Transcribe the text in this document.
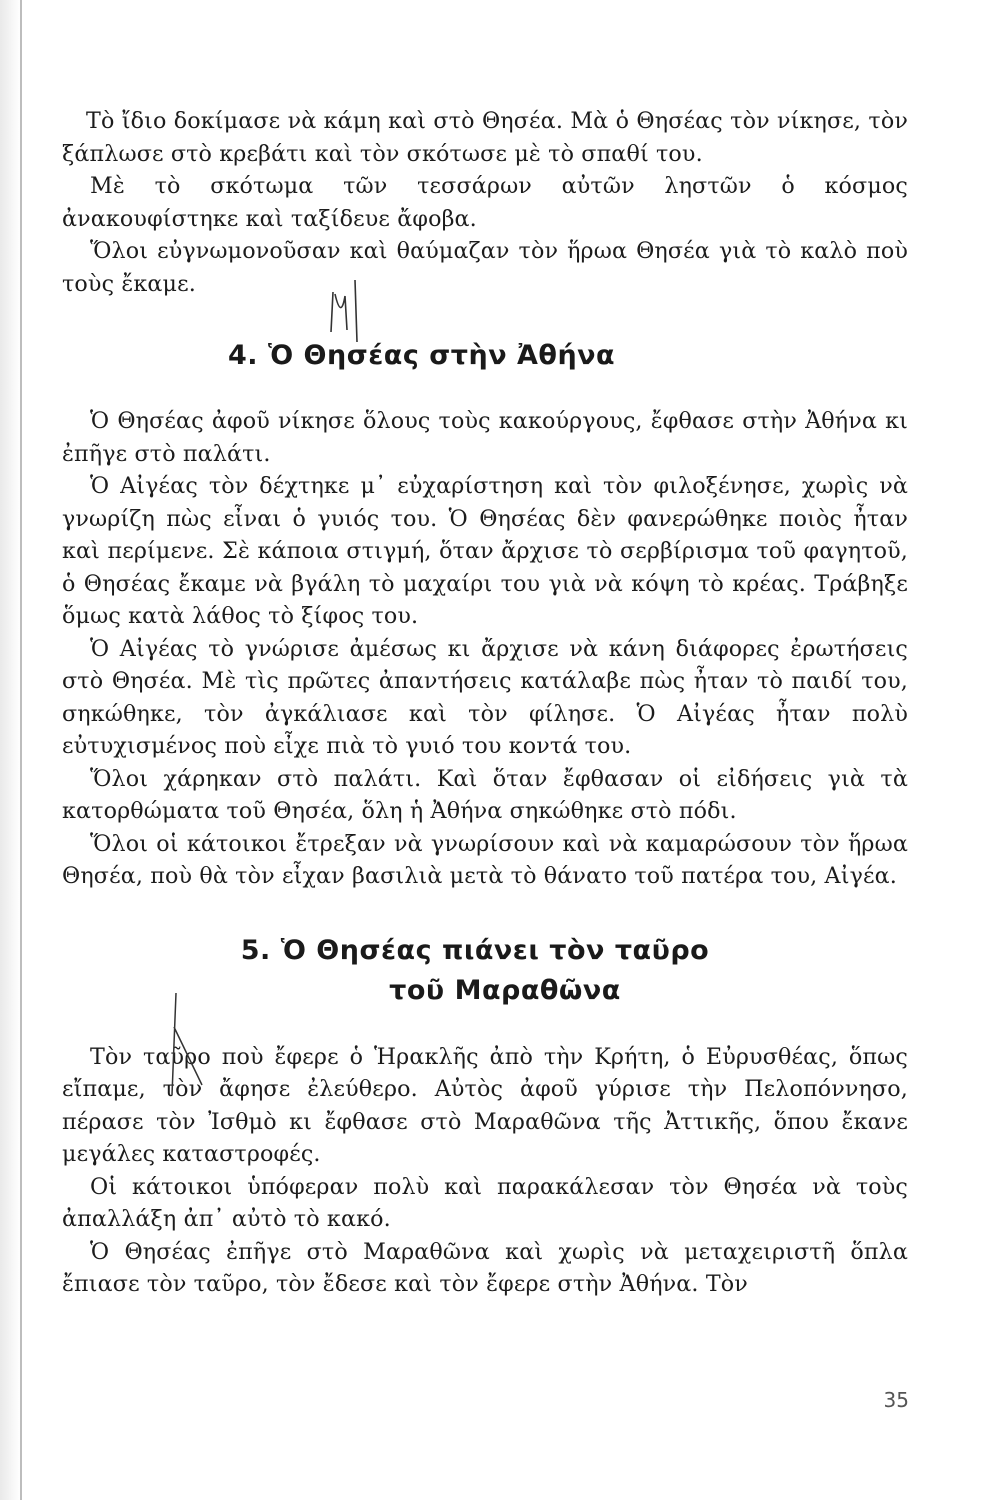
Τὸ ἴδιο δοκίμασε νὰ κάμη καὶ στὸ Θησέα. Μὰ ὁ Θησέας τὸν νίκησε, τὸν ξάπλωσε στὸ κρεβάτι καὶ τὸν σκότωσε μὲ τὸ σπαθί του.

Μὲ τὸ σκότωμα τῶν τεσσάρων αὐτῶν ληστῶν ὁ κόσμος ἀνακουφίστηκε καὶ ταξίδευε ἄφοβα.

Ὅλοι εὐγνωμονοῦσαν καὶ θαύμαζαν τὸν ἥρωα Θησέα γιὰ τὸ καλὸ ποὺ τοὺς ἔκαμε.

4. Ὁ Θησέας στὴν Ἀθήνα

Ὁ Θησέας ἀφοῦ νίκησε ὅλους τοὺς κακούργους, ἔφθασε στὴν Ἀθήνα κι ἐπῆγε στὸ παλάτι.

Ὁ Αἰγέας τὸν δέχτηκε μ᾽ εὐχαρίστηση καὶ τὸν φιλοξένησε, χωρὶς νὰ γνωρίζη πὼς εἶναι ὁ γυιός του. Ὁ Θησέας δὲν φανερώθηκε ποιὸς ἦταν καὶ περίμενε. Σὲ κάποια στιγμή, ὅταν ἄρχισε τὸ σερβίρισμα τοῦ φαγητοῦ, ὁ Θησέας ἔκαμε νὰ βγάλη τὸ μαχαίρι του γιὰ νὰ κόψη τὸ κρέας. Τράβηξε ὅμως κατὰ λάθος τὸ ξίφος του.

Ὁ Αἰγέας τὸ γνώρισε ἀμέσως κι ἄρχισε νὰ κάνη διάφορες ἐρωτήσεις στὸ Θησέα. Μὲ τὶς πρῶτες ἀπαντήσεις κατάλαβε πὼς ἦταν τὸ παιδί του, σηκώθηκε, τὸν ἀγκάλιασε καὶ τὸν φίλησε. Ὁ Αἰγέας ἦταν πολὺ εὐτυχισμένος ποὺ εἶχε πιὰ τὸ γυιό του κοντά του.

Ὅλοι χάρηκαν στὸ παλάτι. Καὶ ὅταν ἔφθασαν οἱ εἰδήσεις γιὰ τὰ κατορθώματα τοῦ Θησέα, ὅλη ἡ Ἀθήνα σηκώθηκε στὸ πόδι.

Ὅλοι οἱ κάτοικοι ἔτρεξαν νὰ γνωρίσουν καὶ νὰ καμαρώσουν τὸν ἥρωα Θησέα, ποὺ θὰ τὸν εἶχαν βασιλιὰ μετὰ τὸ θάνατο τοῦ πατέρα του, Αἰγέα.

5. Ὁ Θησέας πιάνει τὸν ταῦρο
τοῦ Μαραθῶνα

Τὸν ταῦρο ποὺ ἔφερε ὁ Ἡρακλῆς ἀπὸ τὴν Κρήτη, ὁ Εὐρυσθέας, ὅπως εἴπαμε, τὸν ἄφησε ἐλεύθερο. Αὐτὸς ἀφοῦ γύρισε τὴν Πελοπόννησο, πέρασε τὸν Ἰσθμὸ κι ἔφθασε στὸ Μαραθῶνα τῆς Ἀττικῆς, ὅπου ἔκανε μεγάλες καταστροφές.

Οἱ κάτοικοι ὑπόφεραν πολὺ καὶ παρακάλεσαν τὸν Θησέα νὰ τοὺς ἀπαλλάξη ἀπ᾽ αὐτὸ τὸ κακό.

Ὁ Θησέας ἐπῆγε στὸ Μαραθῶνα καὶ χωρὶς νὰ μεταχειριστῆ ὅπλα ἔπιασε τὸν ταῦρο, τὸν ἔδεσε καὶ τὸν ἔφερε στὴν Ἀθήνα. Τὸν

35
